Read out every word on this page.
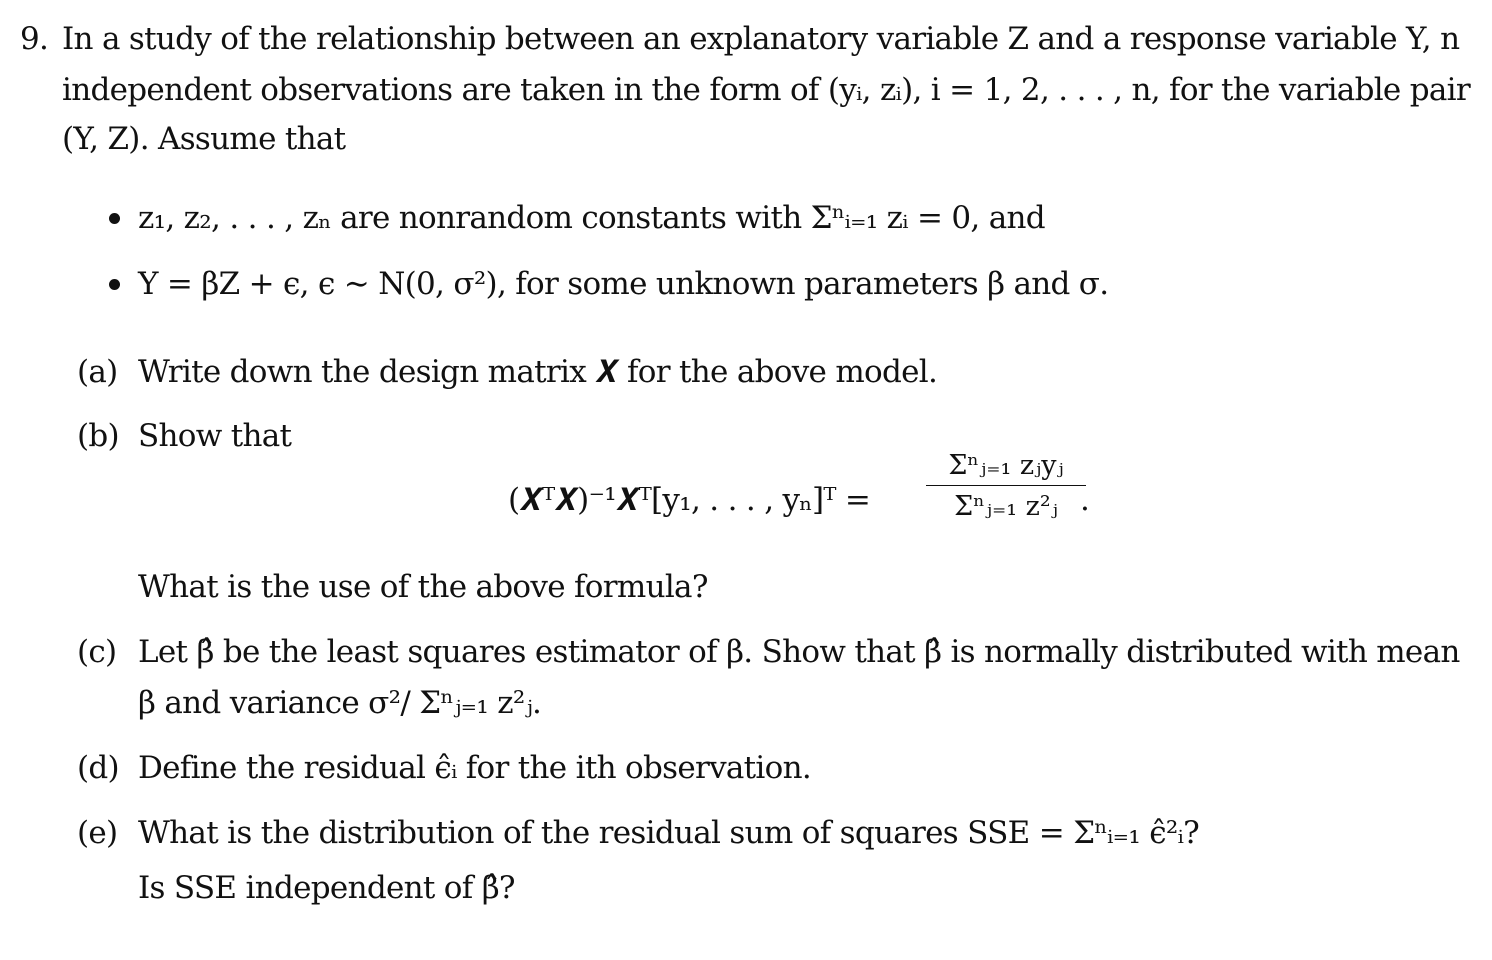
9. In a study of the relationship between an explanatory variable Z and a response variable Y, n
independent observations are taken in the form of (yᵢ, zᵢ), i = 1, 2, . . . , n, for the variable pair
(Y, Z). Assume that
z₁, z₂, . . . , zₙ are nonrandom constants with Σⁿᵢ₌₁ zᵢ = 0, and
Y = βZ + ϵ, ϵ ∼ N(0, σ²), for some unknown parameters β and σ.
(a) Write down the design matrix 𝑿 for the above model.
(b) Show that
(𝑿ᵀ𝑿)⁻¹𝑿ᵀ[y₁, . . . , yₙ]ᵀ =
Σⁿⱼ₌₁ zⱼyⱼ
Σⁿⱼ₌₁ z²ⱼ .
What is the use of the above formula?
(c) Let β̂ be the least squares estimator of β. Show that β̂ is normally distributed with mean
β and variance σ²/ Σⁿⱼ₌₁ z²ⱼ.
(d) Define the residual ϵ̂ᵢ for the ith observation.
(e) What is the distribution of the residual sum of squares SSE = Σⁿᵢ₌₁ ϵ̂²ᵢ?
Is SSE independent of β̂?
